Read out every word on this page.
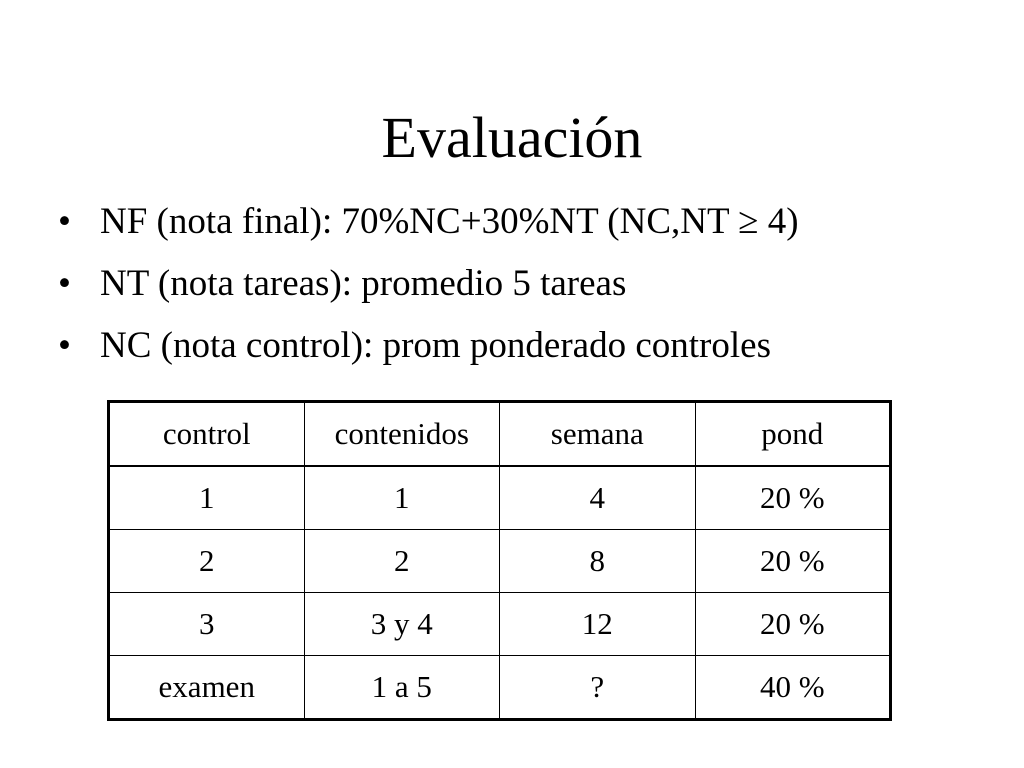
Evaluación
• NF (nota final): 70%NC+30%NT (NC,NT ≥ 4)
• NT (nota tareas): promedio 5 tareas
• NC (nota control): prom ponderado controles
control	contenidos	semana	pond
1	1	4	20 %
2	2	8	20 %
3	3 y 4	12	20 %
examen	1 a 5	?	40 %
